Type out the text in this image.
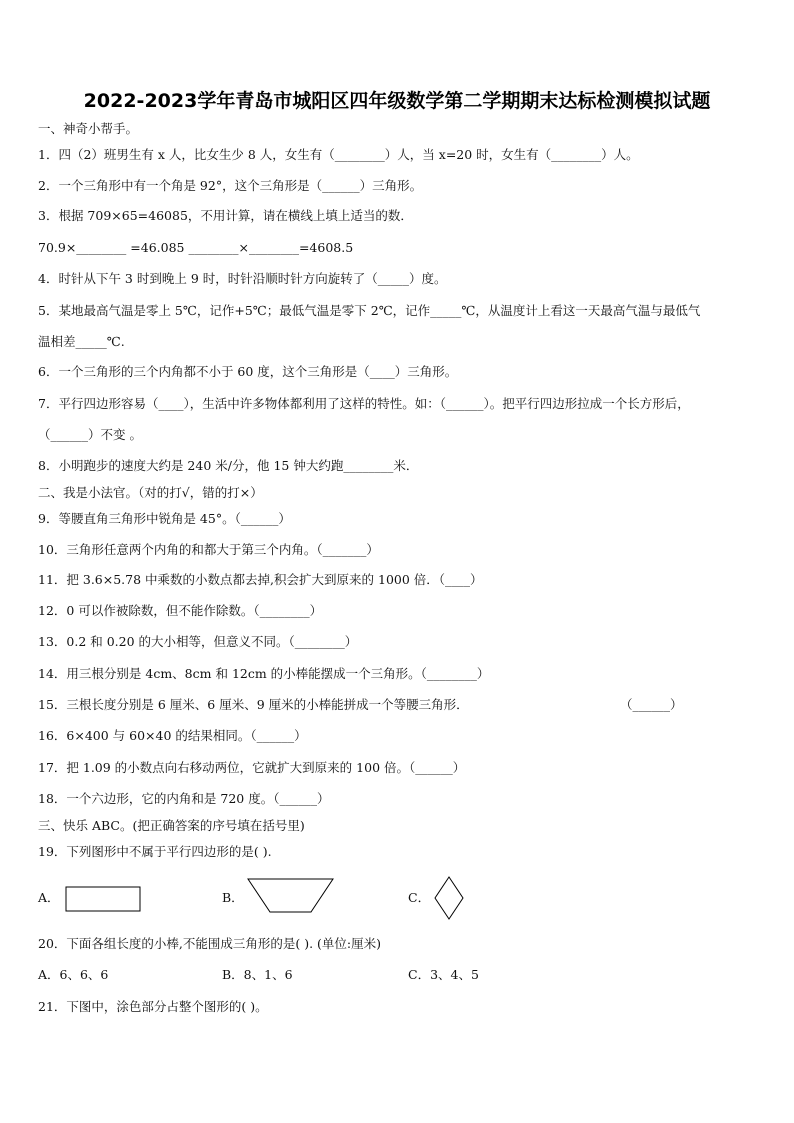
2022-2023学年青岛市城阳区四年级数学第二学期期末达标检测模拟试题
一、神奇小帮手。
1．四（2）班男生有 x 人，比女生少 8 人，女生有（________）人，当 x=20 时，女生有（________）人。
2．一个三角形中有一个角是 92°，这个三角形是（______）三角形。
3．根据 709×65=46085，不用计算，请在横线上填上适当的数．
70.9×________ =46.085 ________×________=4608.5
4．时针从下午 3 时到晚上 9 时，时针沿顺时针方向旋转了（_____）度。
5．某地最高气温是零上 5℃，记作+5℃；最低气温是零下 2℃，记作_____℃，从温度计上看这一天最高气温与最低气
温相差_____℃.
6．一个三角形的三个内角都不小于 60 度，这个三角形是（____）三角形。
7．平行四边形容易（____），生活中许多物体都利用了这样的特性。如：（______）。把平行四边形拉成一个长方形后，
（______）不变 。
8．小明跑步的速度大约是 240 米/分，他 15 钟大约跑________米．
二、我是小法官。（对的打√，错的打×）
9．等腰直角三角形中锐角是 45°。（______）
10．三角形任意两个内角的和都大于第三个内角。（_______）
11．把 3.6×5.78 中乘数的小数点都去掉,积会扩大到原来的 1000 倍．（____）
12．0 可以作被除数，但不能作除数。（________）
13．0.2 和 0.20 的大小相等，但意义不同。（________）
14．用三根分别是 4cm、8cm 和 12cm 的小棒能摆成一个三角形。（________）
15．三根长度分别是 6 厘米、6 厘米、9 厘米的小棒能拼成一个等腰三角形．	（______）
16．6×400 与 60×40 的结果相同。（______）
17．把 1.09 的小数点向右移动两位，它就扩大到原来的 100 倍。（______）
18．一个六边形，它的内角和是 720 度。（______）
三、快乐 ABC。(把正确答案的序号填在括号里)
19．下列图形中不属于平行四边形的是( ).
A．	B．	C．
20．下面各组长度的小棒,不能围成三角形的是( ). (单位:厘米)
A．6、6、6	B．8、1、6	C．3、4、5
21．下图中，涂色部分占整个图形的( )。
